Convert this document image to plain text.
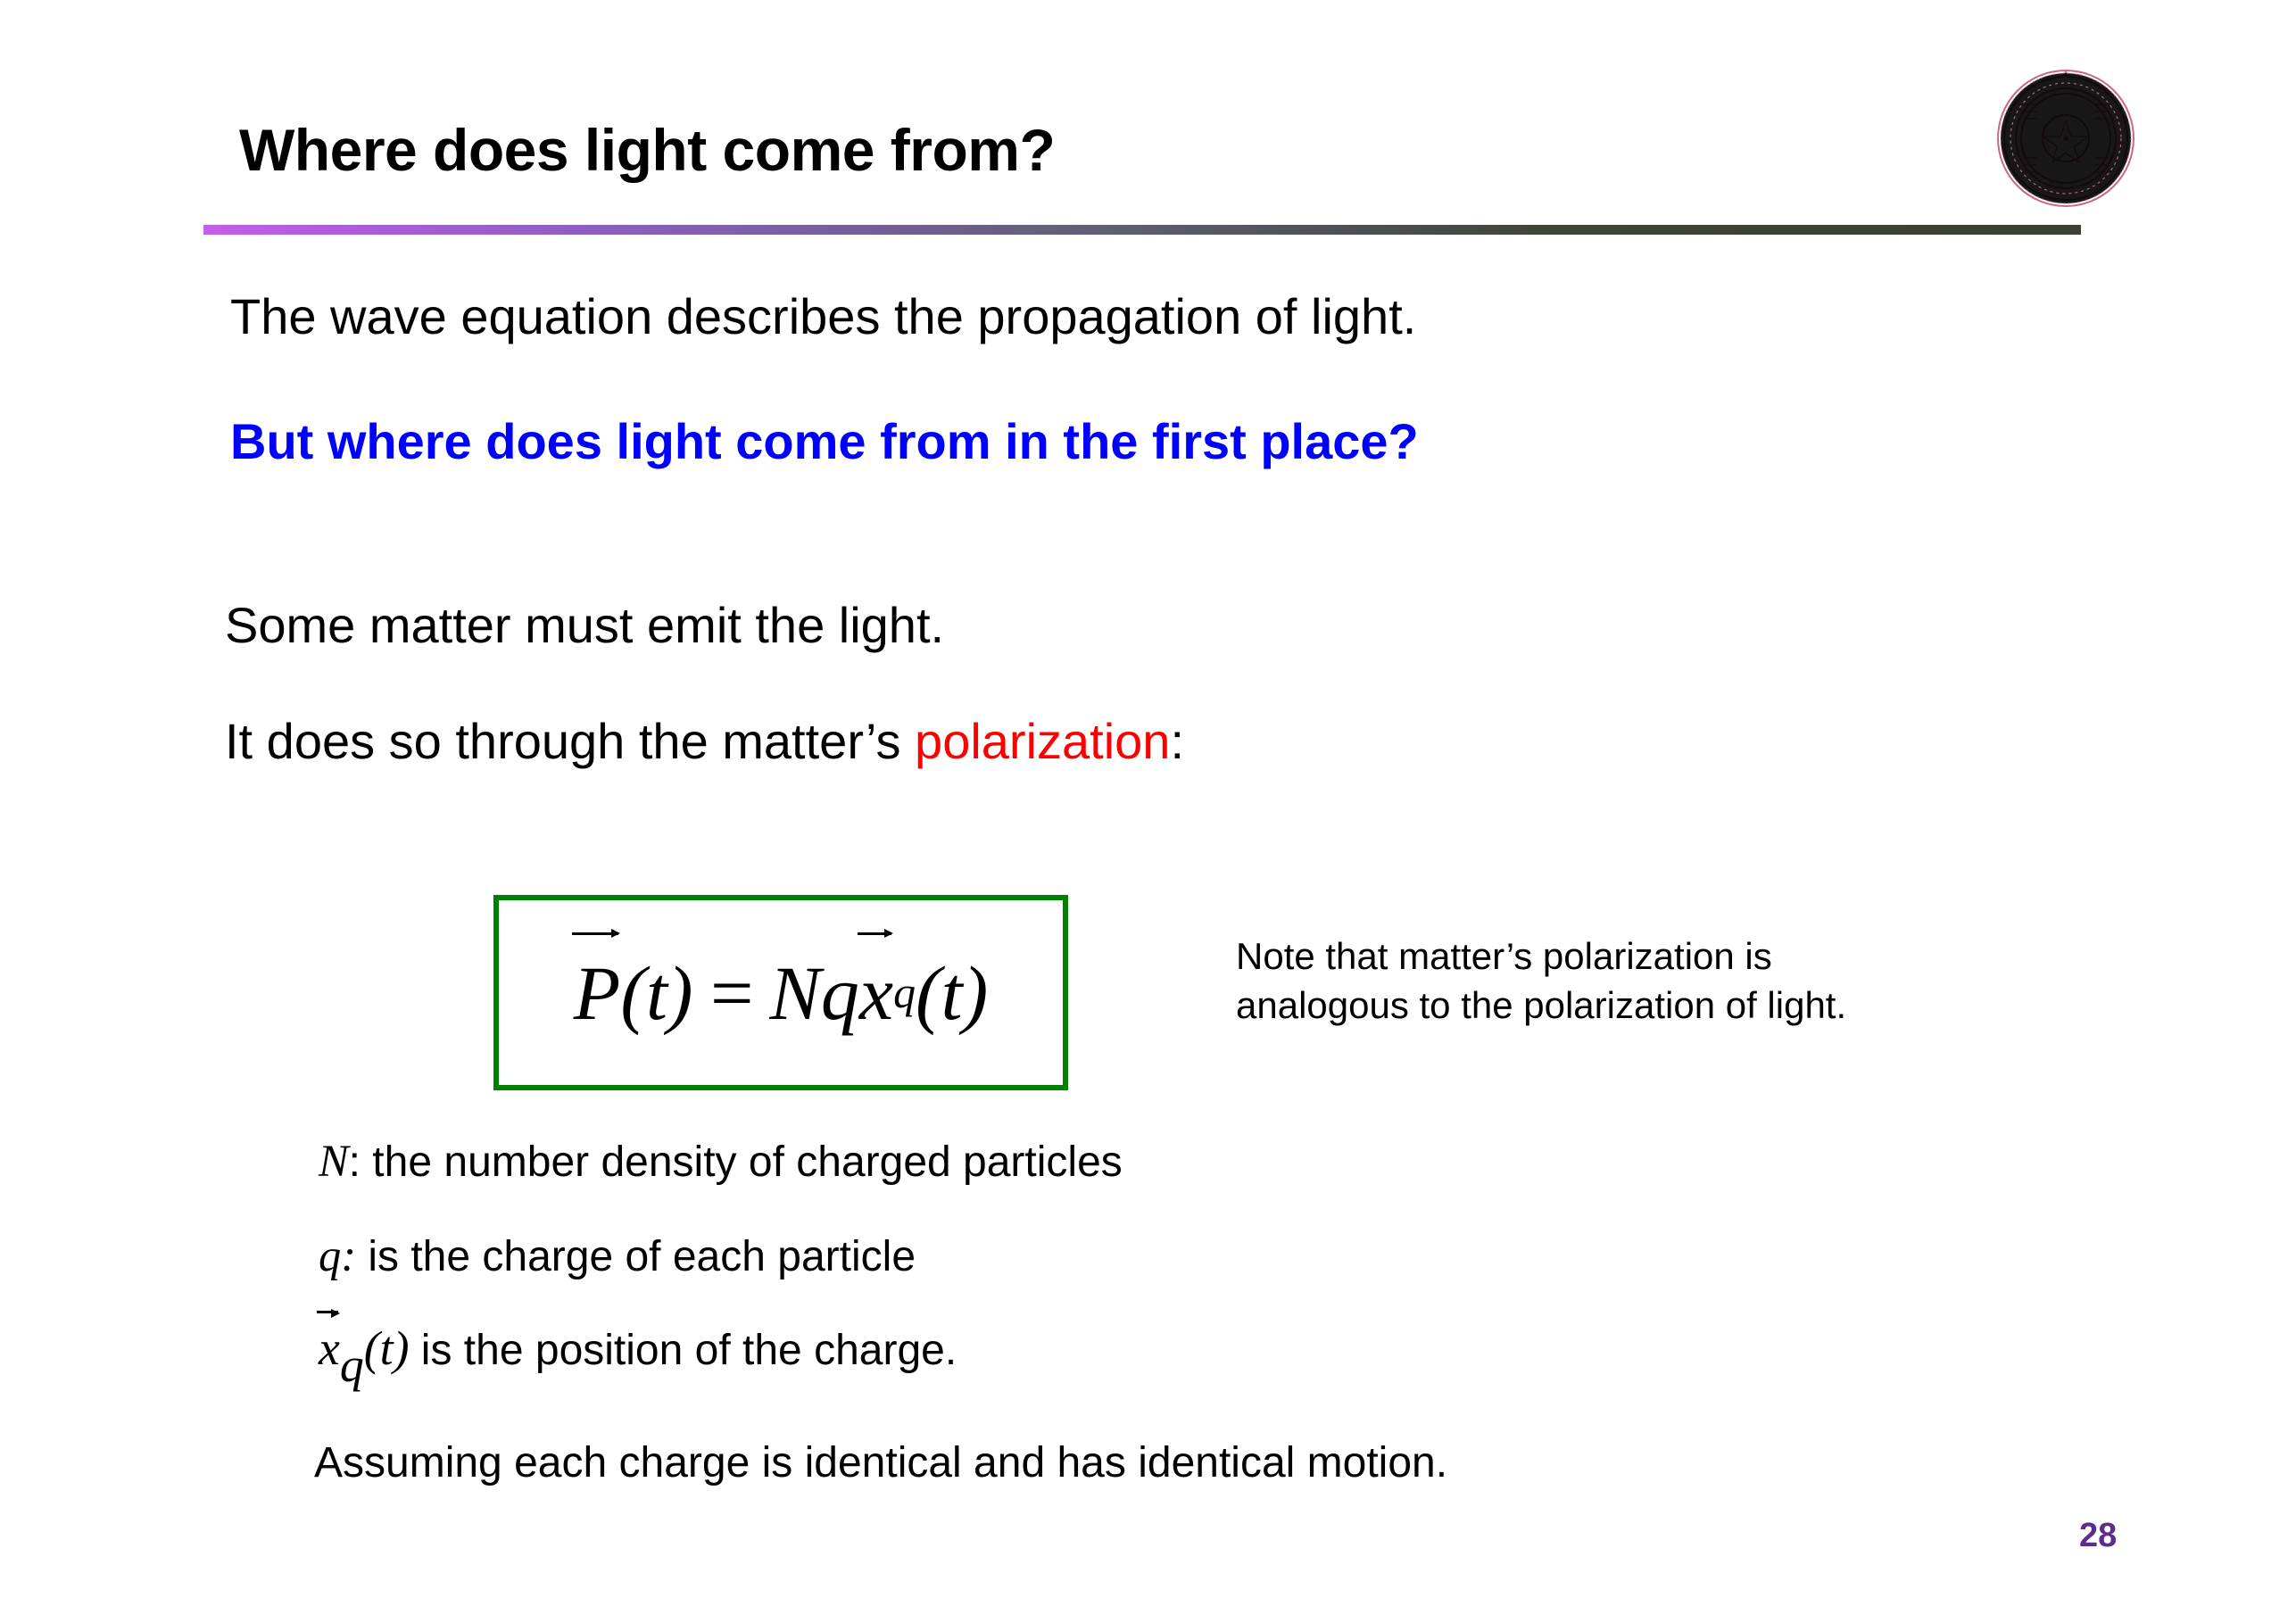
Where does light come from?
The wave equation describes the propagation of light.
But where does light come from in the first place?
Some matter must emit the light.
It does so through the matter’s polarization:
P (t) = N q x q (t)	Note that matter’s polarization is
analogous to the polarization of light.
N: the number density of charged particles
q: is the charge of each particle
xq(t) is the position of the charge.
Assuming each charge is identical and has identical motion.
28
